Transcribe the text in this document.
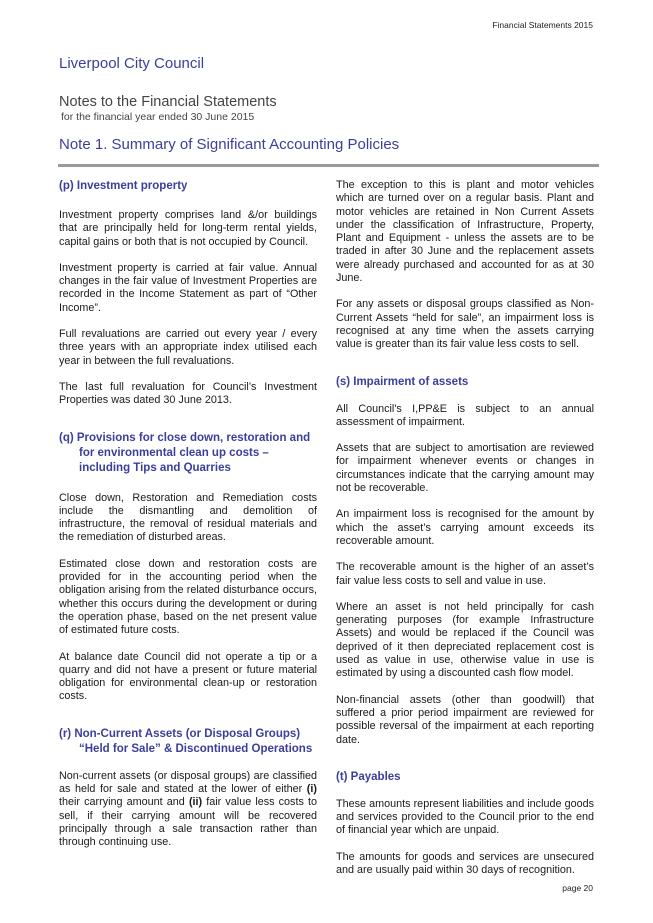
Financial Statements 2015
Liverpool City Council
Notes to the Financial Statements
for the financial year ended 30 June 2015
Note 1. Summary of Significant Accounting Policies
(p) Investment property

Investment property comprises land &/or buildings that are principally held for long-term rental yields, capital gains or both that is not occupied by Council.

Investment property is carried at fair value. Annual changes in the fair value of Investment Properties are recorded in the Income Statement as part of “Other Income”.

Full revaluations are carried out every year / every three years with an appropriate index utilised each year in between the full revaluations.

The last full revaluation for Council’s Investment Properties was dated 30 June 2013.

(q) Provisions for close down, restoration and for environmental clean up costs – including Tips and Quarries

Close down, Restoration and Remediation costs include the dismantling and demolition of infrastructure, the removal of residual materials and the remediation of disturbed areas.

Estimated close down and restoration costs are provided for in the accounting period when the obligation arising from the related disturbance occurs, whether this occurs during the development or during the operation phase, based on the net present value of estimated future costs.

At balance date Council did not operate a tip or a quarry and did not have a present or future material obligation for environmental clean-up or restoration costs.

(r) Non-Current Assets (or Disposal Groups) “Held for Sale” & Discontinued Operations

Non-current assets (or disposal groups) are classified as held for sale and stated at the lower of either (i) their carrying amount and (ii) fair value less costs to sell, if their carrying amount will be recovered principally through a sale transaction rather than through continuing use.

The exception to this is plant and motor vehicles which are turned over on a regular basis. Plant and motor vehicles are retained in Non Current Assets under the classification of Infrastructure, Property, Plant and Equipment - unless the assets are to be traded in after 30 June and the replacement assets were already purchased and accounted for as at 30 June.

For any assets or disposal groups classified as Non-Current Assets “held for sale”, an impairment loss is recognised at any time when the assets carrying value is greater than its fair value less costs to sell.

(s) Impairment of assets

All Council's I,PP&E is subject to an annual assessment of impairment.

Assets that are subject to amortisation are reviewed for impairment whenever events or changes in circumstances indicate that the carrying amount may not be recoverable.

An impairment loss is recognised for the amount by which the asset’s carrying amount exceeds its recoverable amount.

The recoverable amount is the higher of an asset’s fair value less costs to sell and value in use.

Where an asset is not held principally for cash generating purposes (for example Infrastructure Assets) and would be replaced if the Council was deprived of it then depreciated replacement cost is used as value in use, otherwise value in use is estimated by using a discounted cash flow model.

Non-financial assets (other than goodwill) that suffered a prior period impairment are reviewed for possible reversal of the impairment at each reporting date.

(t) Payables

These amounts represent liabilities and include goods and services provided to the Council prior to the end of financial year which are unpaid.

The amounts for goods and services are unsecured and are usually paid within 30 days of recognition.

page 20
